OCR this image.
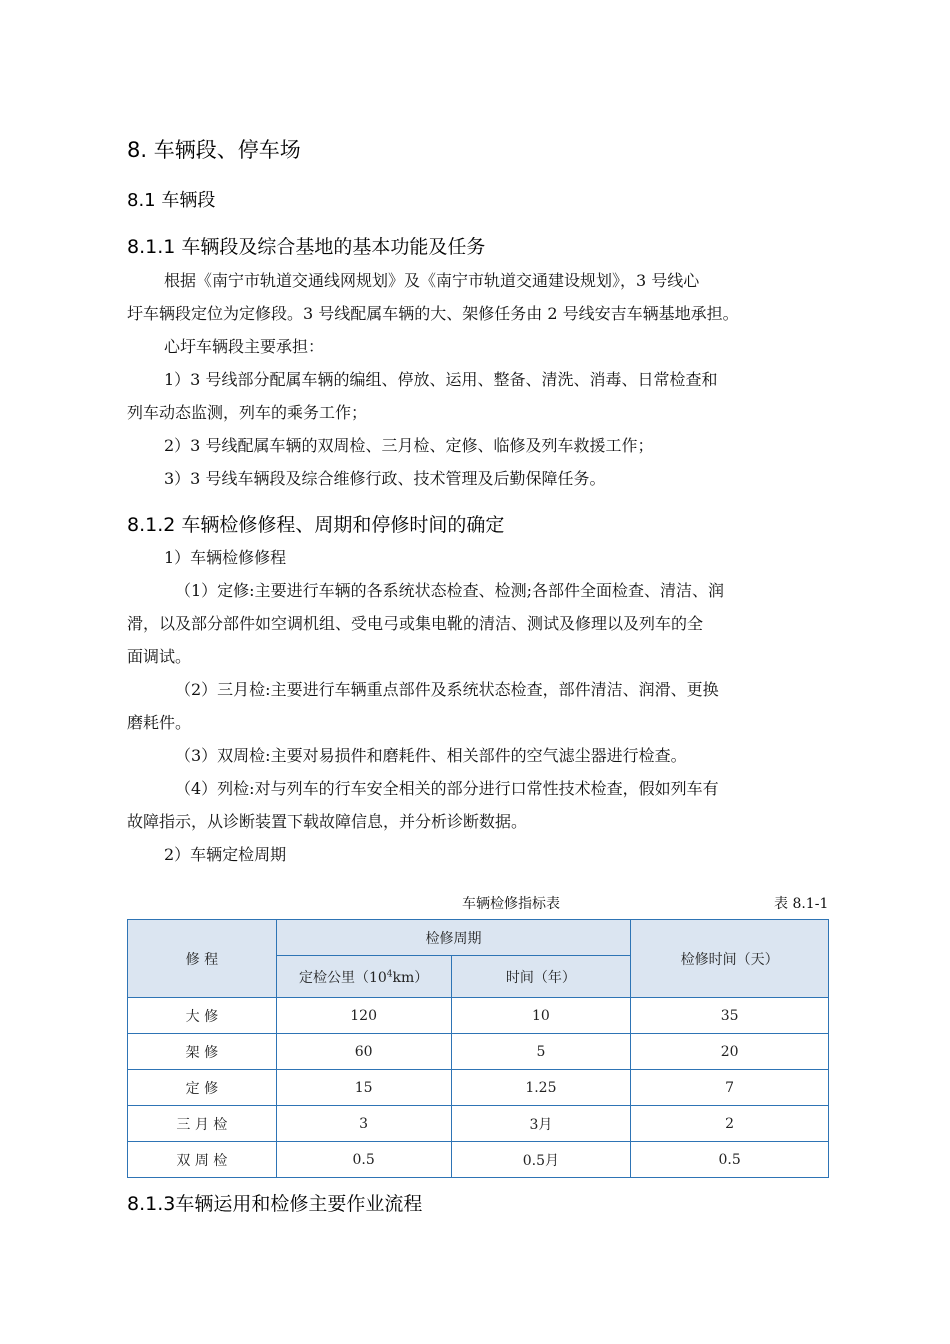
8. 车辆段、停车场
8.1 车辆段
8.1.1 车辆段及综合基地的基本功能及任务
根据《南宁市轨道交通线网规划》及《南宁市轨道交通建设规划》，3 号线心
圩车辆段定位为定修段。3 号线配属车辆的大、架修任务由 2 号线安吉车辆基地承担。
心圩车辆段主要承担：
1）3 号线部分配属车辆的编组、停放、运用、整备、清洗、消毒、日常检查和
列车动态监测，列车的乘务工作；
2）3 号线配属车辆的双周检、三月检、定修、临修及列车救援工作；
3）3 号线车辆段及综合维修行政、技术管理及后勤保障任务。
8.1.2 车辆检修修程、周期和停修时间的确定
1）车辆检修修程
（1）定修:主要进行车辆的各系统状态检查、检测;各部件全面检查、清洁、润
滑，以及部分部件如空调机组、受电弓或集电靴的清洁、测试及修理以及列车的全
面调试。
（2）三月检:主要进行车辆重点部件及系统状态检查，部件清洁、润滑、更换
磨耗件。
（3）双周检:主要对易损件和磨耗件、相关部件的空气滤尘器进行检查。
（4）列检:对与列车的行车安全相关的部分进行口常性技术检查，假如列车有
故障指示，从诊断装置下载故障信息，并分析诊断数据。
2）车辆定检周期
车辆检修指标表	表 8.1-1
修 程	检修周期		检修时间（天）
	定检公里$(10^4km)$	时间（年）	
大 修	120	10	35
架 修	60	5	20
定 修	15	1.25	7
三 月 检	3	3月	2
双 周 检	0.5	0.5月	0.5
8.1.3车辆运用和检修主要作业流程
